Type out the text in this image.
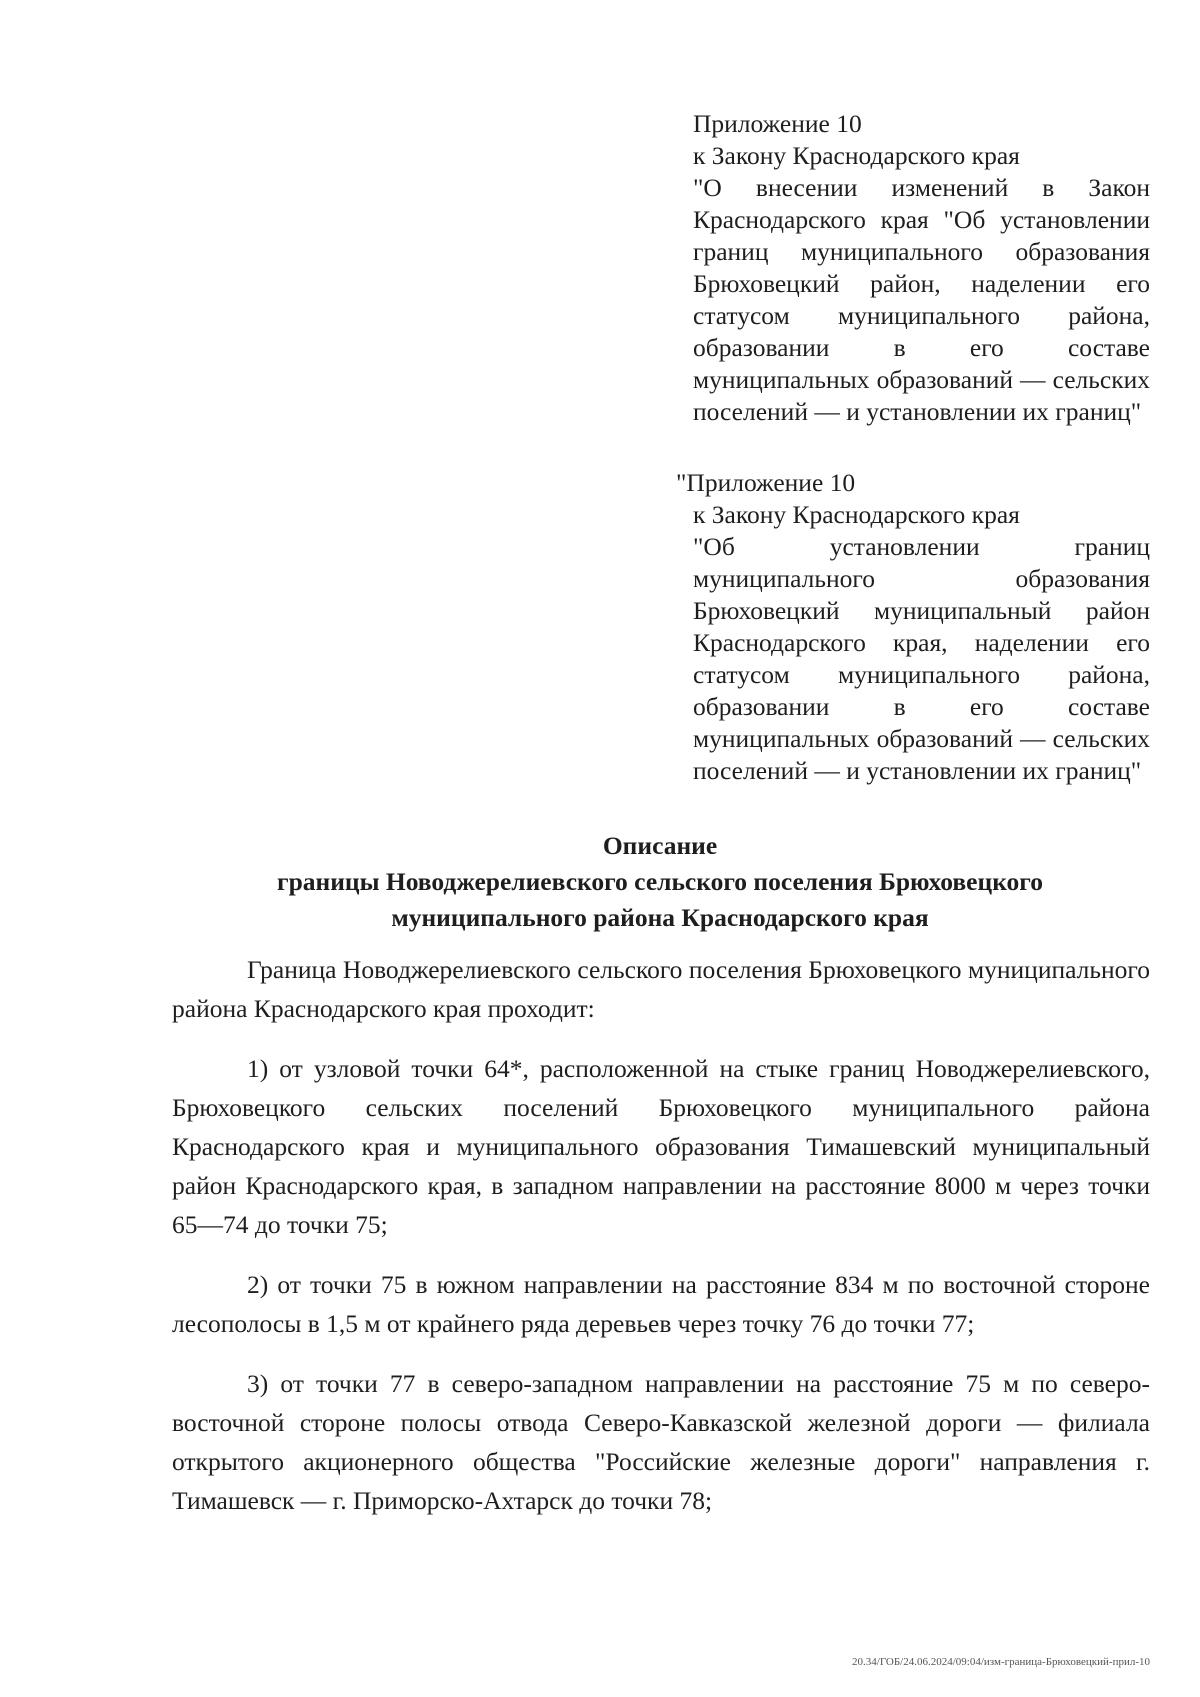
Приложение 10

к Закону Краснодарского края

"О внесении изменений в Закон Краснодарского края "Об установлении границ муниципального образования Брюховецкий район, наделении его статусом муниципального района, образовании в его составе муниципальных образований — сельских поселений — и установлении их границ"

"Приложение 10

к Закону Краснодарского края

"Об установлении границ муниципального образования Брюховецкий муниципальный район Краснодарского края, наделении его статусом муниципального района, образовании в его составе муниципальных образований — сельских поселений — и установлении их границ"

Описание

границы Новоджерелиевского сельского поселения Брюховецкого

муниципального района Краснодарского края

Граница Новоджерелиевского сельского поселения Брюховецкого муниципального района Краснодарского края проходит:

1) от узловой точки 64*, расположенной на стыке границ Новоджерелиевского, Брюховецкого сельских поселений Брюховецкого муниципального района Краснодарского края и муниципального образования Тимашевский муниципальный район Краснодарского края, в западном направлении на расстояние 8000 м через точки 65—74 до точки 75;

2) от точки 75 в южном направлении на расстояние 834 м по восточной стороне лесополосы в 1,5 м от крайнего ряда деревьев через точку 76 до точки 77;

3) от точки 77 в северо-западном направлении на расстояние 75 м по северо-восточной стороне полосы отвода Северо-Кавказской железной дороги — филиала открытого акционерного общества "Российские железные дороги" направления г. Тимашевск — г. Приморско-Ахтарск до точки 78;

20.34/ГОБ/24.06.2024/09:04/изм-граница-Брюховецкий-прил-10
